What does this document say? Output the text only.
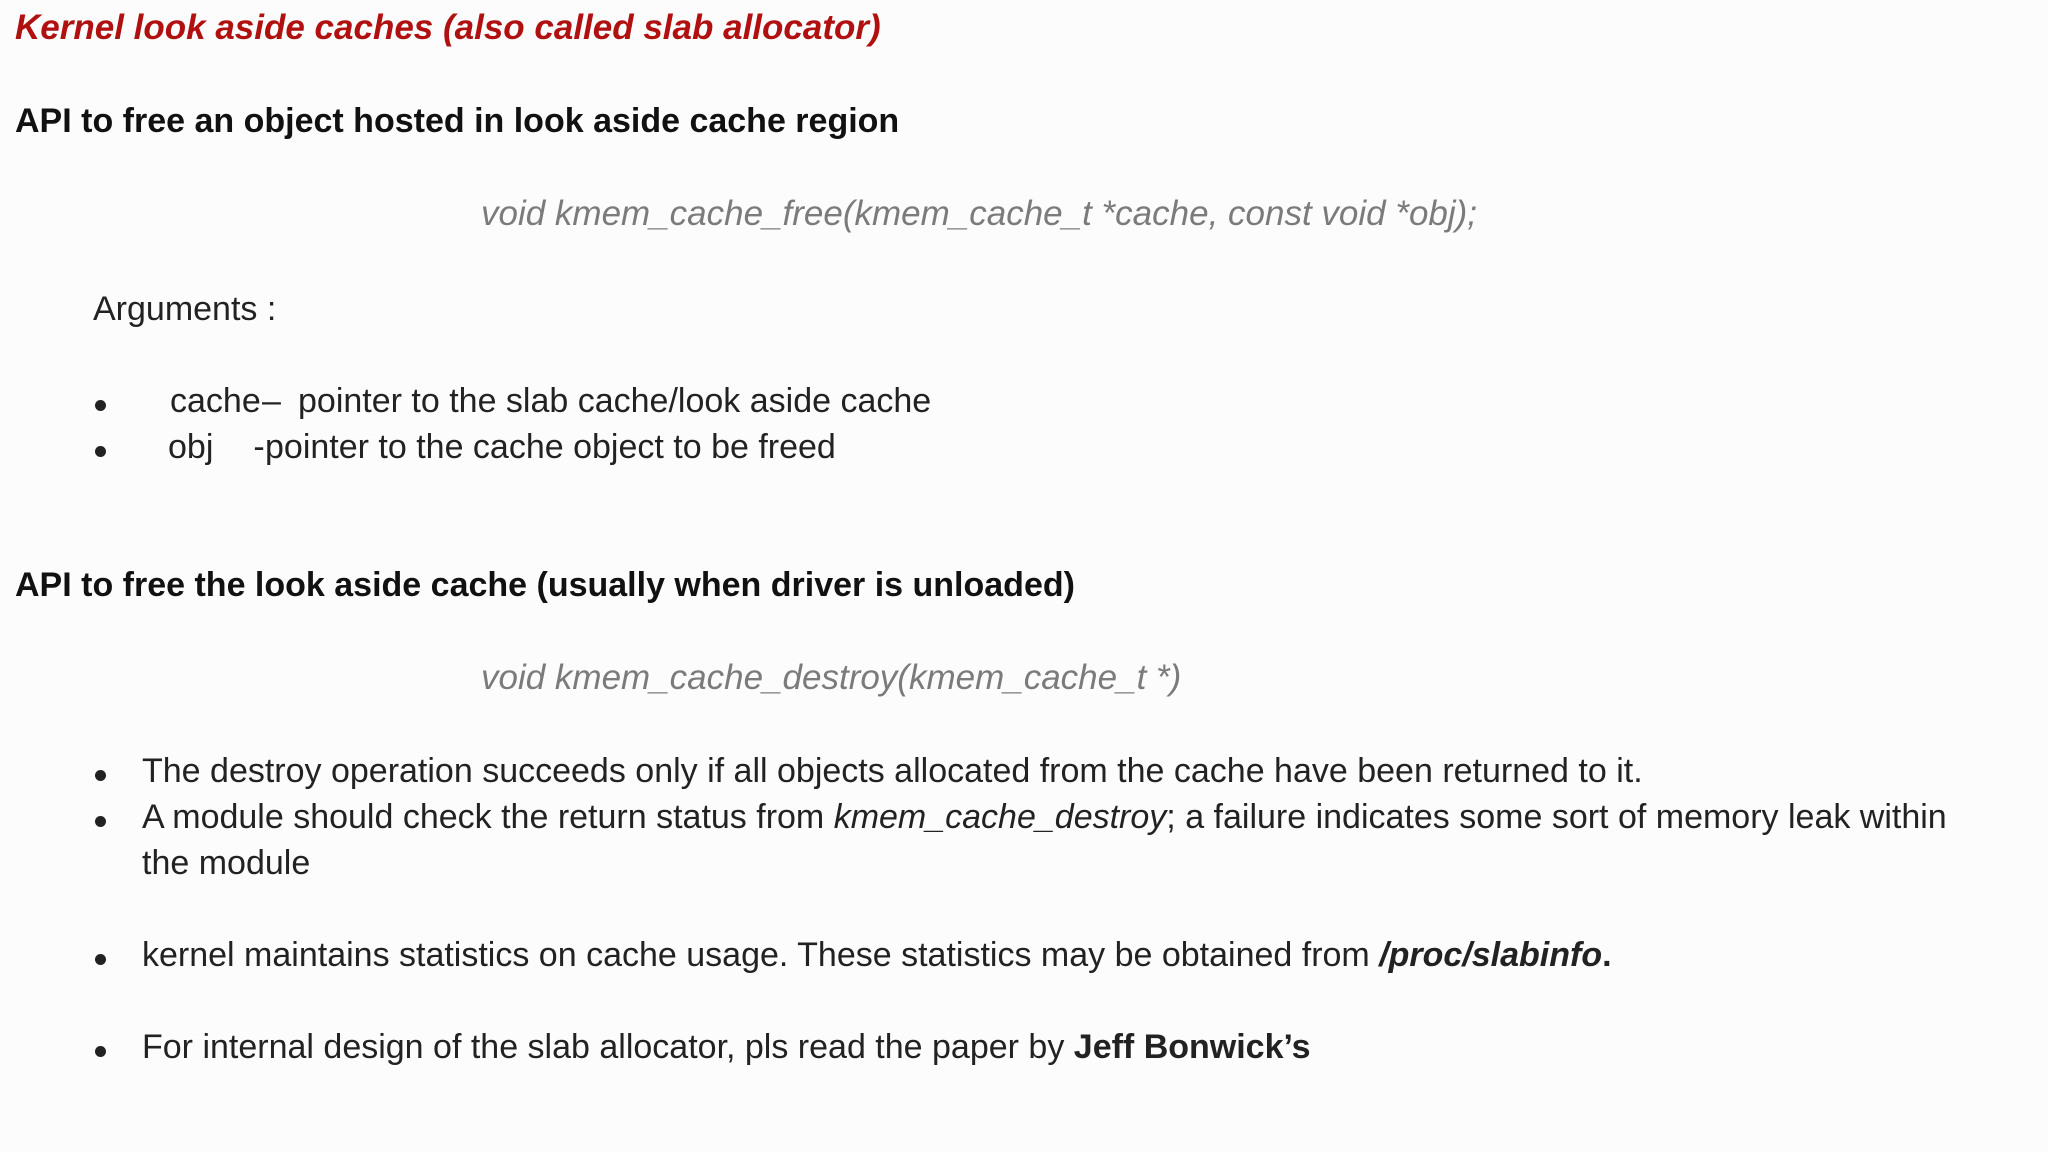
Kernel look aside caches (also called slab allocator)
API to free an object hosted in look aside cache region
void kmem_cache_free(kmem_cache_t *cache, const void *obj);
Arguments :
cache – pointer to the slab cache/look aside cache
obj -
pointer to the cache object to be freed
API to free the look aside cache (usually when driver is unloaded)
void kmem_cache_destroy(kmem_cache_t *)
The destroy operation succeeds only if all objects allocated from the cache have been returned to it.
A module should check the return status from kmem_cache_destroy; a failure indicates some sort of memory leak within
the module
kernel maintains statistics on cache usage. These statistics may be obtained from /proc/slabinfo.
For internal design of the slab allocator, pls read the paper by Jeff Bonwick’s
